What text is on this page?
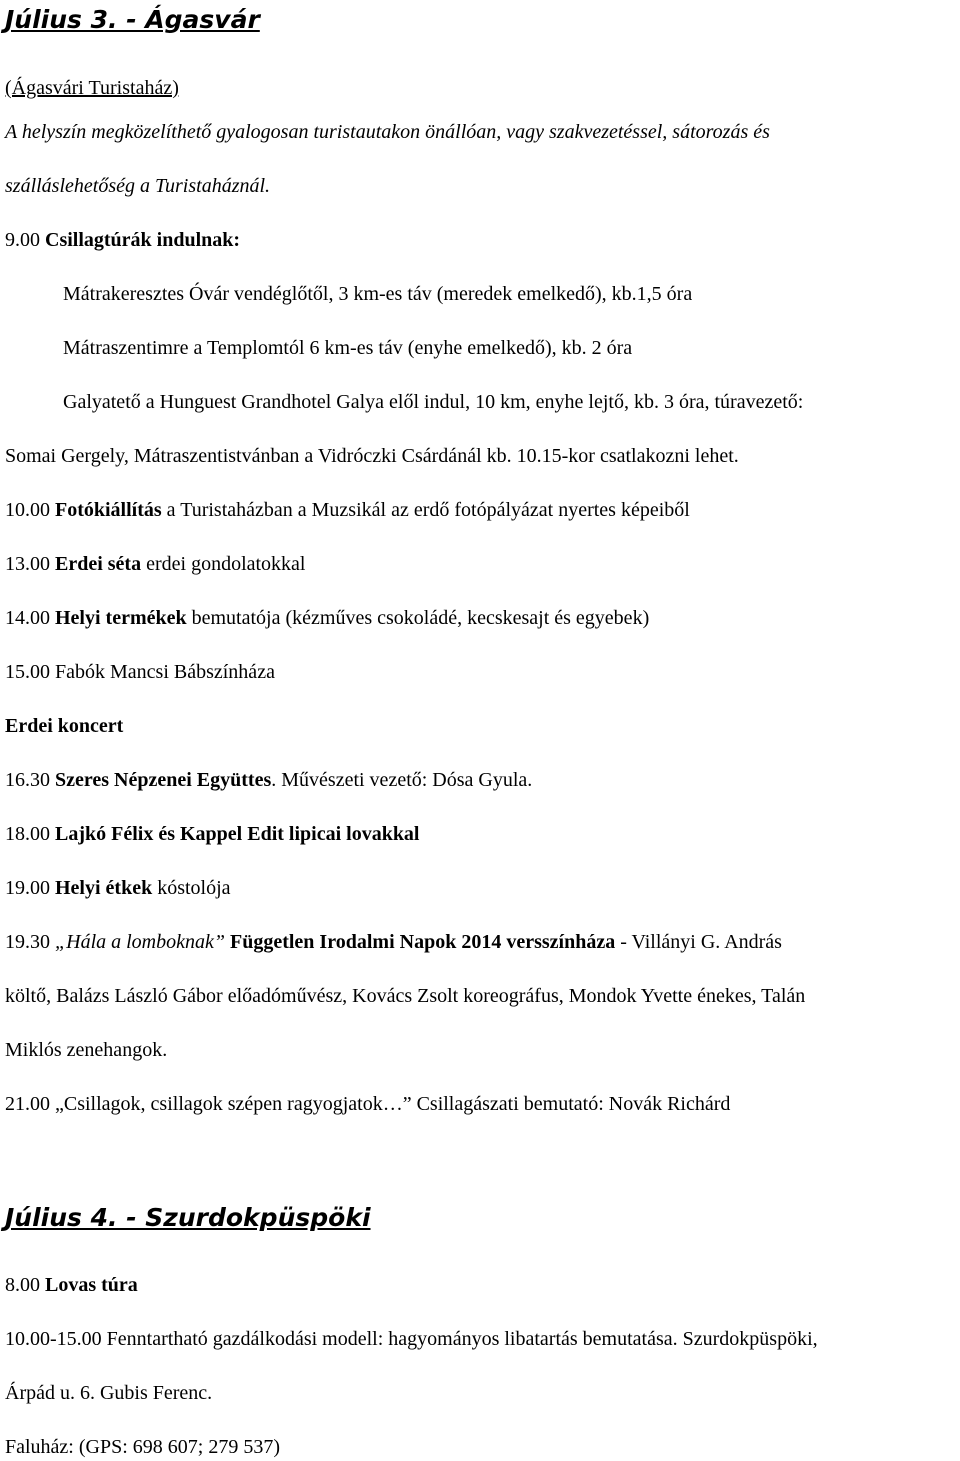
Július 3. - Ágasvár
(Ágasvári Turistaház)
A helyszín megközelíthető gyalogosan turistautakon önállóan, vagy szakvezetéssel, sátorozás és
szálláslehetőség a Turistaháznál.
9.00 Csillagtúrák indulnak:
Mátrakeresztes Óvár vendéglőtől, 3 km-es táv (meredek emelkedő), kb.1,5 óra
Mátraszentimre a Templomtól 6 km-es táv (enyhe emelkedő), kb. 2 óra
Galyatető a Hunguest Grandhotel Galya elől indul, 10 km, enyhe lejtő, kb. 3 óra, túravezető:
Somai Gergely, Mátraszentistvánban a Vidróczki Csárdánál kb. 10.15-kor csatlakozni lehet.
10.00 Fotókiállítás a Turistaházban a Muzsikál az erdő fotópályázat nyertes képeiből
13.00 Erdei séta erdei gondolatokkal
14.00 Helyi termékek bemutatója (kézműves csokoládé, kecskesajt és egyebek)
15.00 Fabók Mancsi Bábszínháza
Erdei koncert
16.30 Szeres Népzenei Együttes. Művészeti vezető: Dósa Gyula.
18.00 Lajkó Félix és Kappel Edit lipicai lovakkal
19.00 Helyi étkek kóstolója
19.30 „Hála a lomboknak” Független Irodalmi Napok 2014 versszínháza - Villányi G. András
költő, Balázs László Gábor előadóművész, Kovács Zsolt koreográfus, Mondok Yvette énekes, Talán
Miklós zenehangok.
21.00 „Csillagok, csillagok szépen ragyogjatok…” Csillagászati bemutató: Novák Richárd
Július 4. - Szurdokpüspöki
8.00 Lovas túra
10.00-15.00 Fenntartható gazdálkodási modell: hagyományos libatartás bemutatása. Szurdokpüspöki,
Árpád u. 6. Gubis Ferenc.
Faluház: (GPS: 698 607; 279 537)
